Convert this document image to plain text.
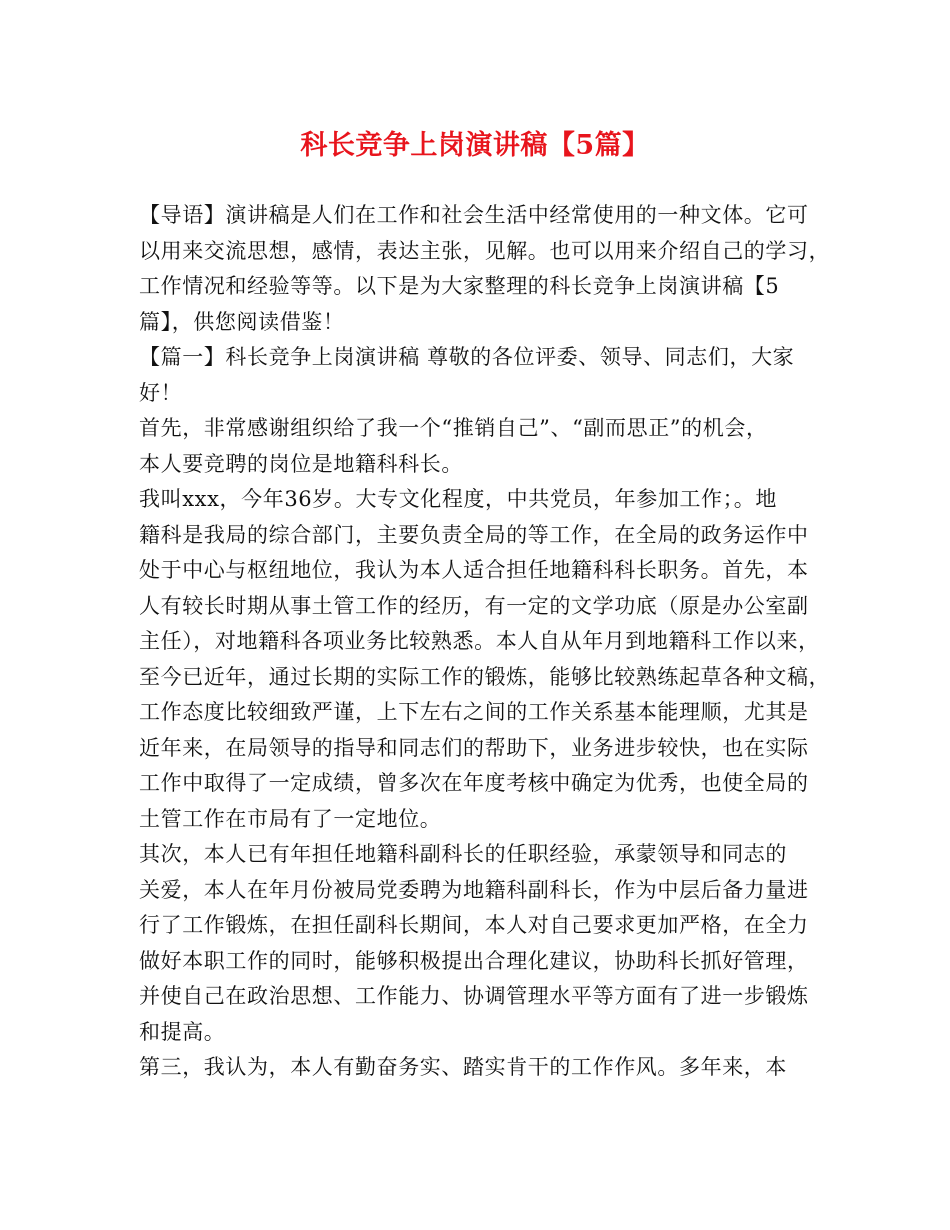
科长竞争上岗演讲稿【5篇】
【导语】演讲稿是人们在工作和社会生活中经常使用的一种文体。它可
以用来交流思想，感情，表达主张，见解。也可以用来介绍自己的学习，
工作情况和经验等等。以下是为大家整理的科长竞争上岗演讲稿【5
篇】，供您阅读借鉴！
【篇一】科长竞争上岗演讲稿 尊敬的各位评委、领导、同志们，大家
好！
首先，非常感谢组织给了我一个“推销自己”、“副而思正”的机会，
本人要竞聘的岗位是地籍科科长。
我叫xxx，今年36岁。大专文化程度，中共党员，年参加工作；。地
籍科是我局的综合部门，主要负责全局的等工作，在全局的政务运作中
处于中心与枢纽地位，我认为本人适合担任地籍科科长职务。首先，本
人有较长时期从事土管工作的经历，有一定的文学功底（原是办公室副
主任），对地籍科各项业务比较熟悉。本人自从年月到地籍科工作以来，
至今已近年，通过长期的实际工作的锻炼，能够比较熟练起草各种文稿，
工作态度比较细致严谨，上下左右之间的工作关系基本能理顺，尤其是
近年来，在局领导的指导和同志们的帮助下，业务进步较快，也在实际
工作中取得了一定成绩，曾多次在年度考核中确定为优秀，也使全局的
土管工作在市局有了一定地位。
其次，本人已有年担任地籍科副科长的任职经验，承蒙领导和同志的
关爱，本人在年月份被局党委聘为地籍科副科长，作为中层后备力量进
行了工作锻炼，在担任副科长期间，本人对自己要求更加严格，在全力
做好本职工作的同时，能够积极提出合理化建议，协助科长抓好管理，
并使自己在政治思想、工作能力、协调管理水平等方面有了进一步锻炼
和提高。
第三，我认为，本人有勤奋务实、踏实肯干的工作作风。多年来，本
